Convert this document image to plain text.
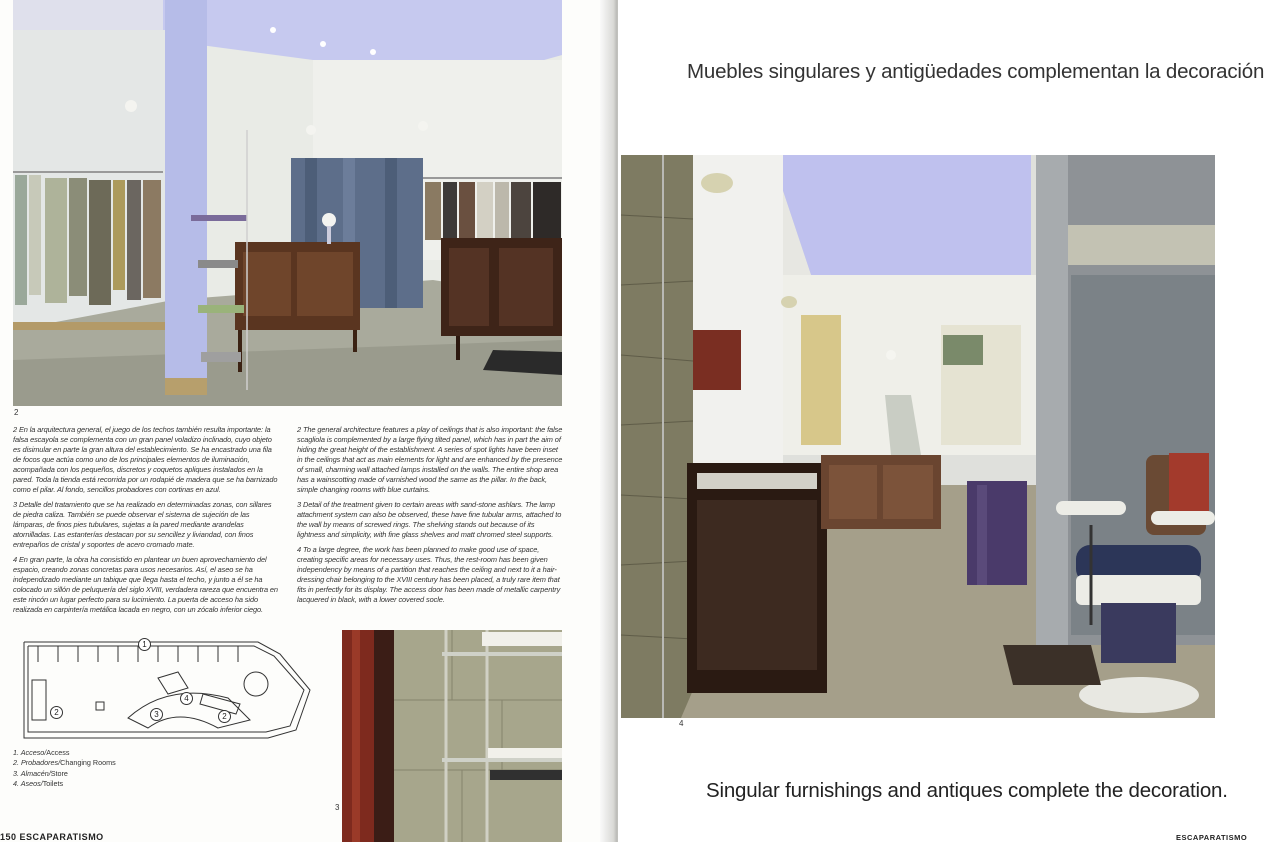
2

2 En la arquitectura general, el juego de los techos también resulta importante: la falsa escayola se complementa con un gran panel voladizo inclinado, cuyo objeto es disimular en parte la gran altura del establecimiento. Se ha encastrado una fila de focos que actúa como uno de los principales elementos de iluminación, acompañada con los pequeños, discretos y coquetos apliques instalados en la pared. Toda la tienda está recorrida por un rodapié de madera que se ha barnizado como el pilar. Al fondo, sencillos probadores con cortinas en azul.

3 Detalle del tratamiento que se ha realizado en determinadas zonas, con sillares de piedra caliza. También se puede observar el sistema de sujeción de las lámparas, de finos pies tubulares, sujetas a la pared mediante arandelas atornilladas. Las estanterías destacan por su sencillez y liviandad, con finos entrepaños de cristal y soportes de acero cromado mate.

4 En gran parte, la obra ha consistido en plantear un buen aprovechamiento del espacio, creando zonas concretas para usos necesarios. Así, el aseo se ha independizado mediante un tabique que llega hasta el techo, y junto a él se ha colocado un sillón de peluquería del siglo XVIII, verdadera rareza que encuentra en este rincón un lugar perfecto para su lucimiento. La puerta de acceso ha sido realizada en carpintería metálica lacada en negro, con un zócalo inferior ciego.

2 The general architecture features a play of ceilings that is also important: the false scagliola is complemented by a large flying tilted panel, which has in part the aim of hiding the great height of the establishment. A series of spot lights have been inset in the ceilings that act as main elements for light and are enhanced by the presence of small, charming wall attached lamps installed on the walls. The entire shop area has a wainscotting made of varnished wood the same as the pillar. In the back, simple changing rooms with blue curtains.

3 Detail of the treatment given to certain areas with sand-stone ashlars. The lamp attachment system can also be observed, these have fine tubular arms, attached to the wall by means of screwed rings. The shelving stands out because of its lightness and simplicity, with fine glass shelves and matt chromed steel supports.

4 To a large degree, the work has been planned to make good use of space, creating specific areas for necessary uses. Thus, the rest-room has been given independency by means of a partition that reaches the ceiling and next to it a hair-dressing chair belonging to the XVIII century has been placed, a truly rare item that fits in perfectly for its display. The access door has been made of metallic carpentry lacquered in black, with a lower covered socle.

1
2	2
3
4
1. Acceso/Access
2. Probadores/Changing Rooms
3. Almacén/Store
4. Aseos/Toilets
3
150 ESCAPARATISMO
Muebles singulares y antigüedades complementan la decoración
4
Singular furnishings and antiques complete the decoration.
ESCAPARATISMO
